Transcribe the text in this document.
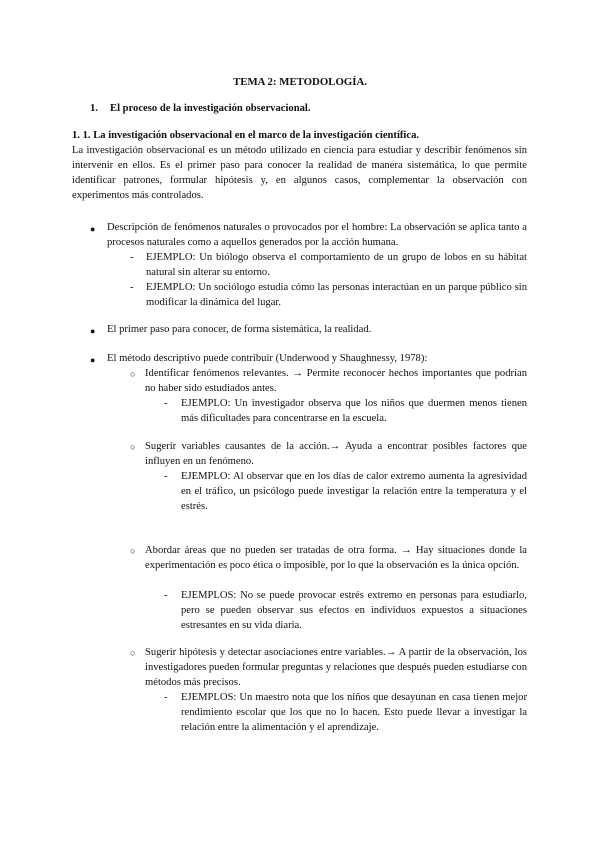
TEMA 2: METODOLOGÍA.
1. El proceso de la investigación observacional.
1. 1. La investigación observacional en el marco de la investigación científica.
La investigación observacional es un método utilizado en ciencia para estudiar y describir fenómenos sin intervenir en ellos. Es el primer paso para conocer la realidad de manera sistemática, lo que permite identificar patrones, formular hipótesis y, en algunos casos, complementar la observación con experimentos más controlados.
●	Descripción de fenómenos naturales o provocados por el hombre: La observación se aplica tanto a procesos naturales como a aquellos generados por la acción humana.
-	EJEMPLO: Un biólogo observa el comportamiento de un grupo de lobos en su hábitat natural sin alterar su entorno.
-	EJEMPLO: Un sociólogo estudia cómo las personas interactúan en un parque público sin modificar la dinámica del lugar.
●	El primer paso para conocer, de forma sistemática, la realidad.
●	El método descriptivo puede contribuir (Underwood y Shaughnessy, 1978):
○ Identificar fenómenos relevantes. → Permite reconocer hechos importantes que podrían no haber sido estudiados antes.
-	EJEMPLO: Un investigador observa que los niños que duermen menos tienen más dificultades para concentrarse en la escuela.
○ Sugerir variables causantes de la acción.→ Ayuda a encontrar posibles factores que influyen en un fenómeno.
-	EJEMPLO: Al observar que en los días de calor extremo aumenta la agresividad en el tráfico, un psicólogo puede investigar la relación entre la temperatura y el estrés.
○ Abordar áreas que no pueden ser tratadas de otra forma. → Hay situaciones donde la experimentación es poco ética o imposible, por lo que la observación es la única opción.
-	EJEMPLOS: No se puede provocar estrés extremo en personas para estudiarlo, pero se pueden observar sus efectos en individuos expuestos a situaciones estresantes en su vida diaria.
○ Sugerir hipótesis y detectar asociaciones entre variables.→ A partir de la observación, los investigadores pueden formular preguntas y relaciones que después pueden estudiarse con métodos más precisos.
-	EJEMPLOS: Un maestro nota que los niños que desayunan en casa tienen mejor rendimiento escolar que los que no lo hacen. Esto puede llevar a investigar la relación entre la alimentación y el aprendizaje.
